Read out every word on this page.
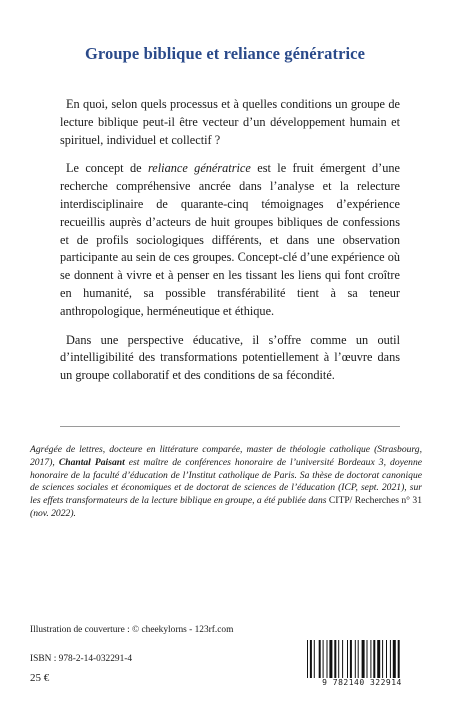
Groupe biblique et reliance génératrice

En quoi, selon quels processus et à quelles conditions un groupe de lecture biblique peut-il être vecteur d’un développement humain et spirituel, individuel et collectif ?

Le concept de reliance génératrice est le fruit émergent d’une recherche compréhensive ancrée dans l’analyse et la relecture interdisciplinaire de quarante-cinq témoignages d’expérience recueillis auprès d’acteurs de huit groupes bibliques de confessions et de profils sociologiques différents, et dans une observation participante au sein de ces groupes. Concept-clé d’une expérience où se donnent à vivre et à penser en les tissant les liens qui font croître en humanité, sa possible transférabilité tient à sa teneur anthropologique, herméneutique et éthique.

Dans une perspective éducative, il s’offre comme un outil d’intelligibilité des transformations potentiellement à l’œuvre dans un groupe collaboratif et des conditions de sa fécondité.

Agrégée de lettres, docteure en littérature comparée, master de théologie catholique (Strasbourg, 2017), Chantal Paisant est maître de conférences honoraire de l’université Bordeaux 3, doyenne honoraire de la faculté d’éducation de l’Institut catholique de Paris. Sa thèse de doctorat canonique de sciences sociales et économiques et de doctorat de sciences de l’éducation (ICP, sept. 2021), sur les effets transformateurs de la lecture biblique en groupe, a été publiée dans CITP/ Recherches n° 31 (nov. 2022).
Illustration de couverture : © cheekylorns - 123rf.com
ISBN : 978-2-14-032291-4
25 €	9 782140 322914
